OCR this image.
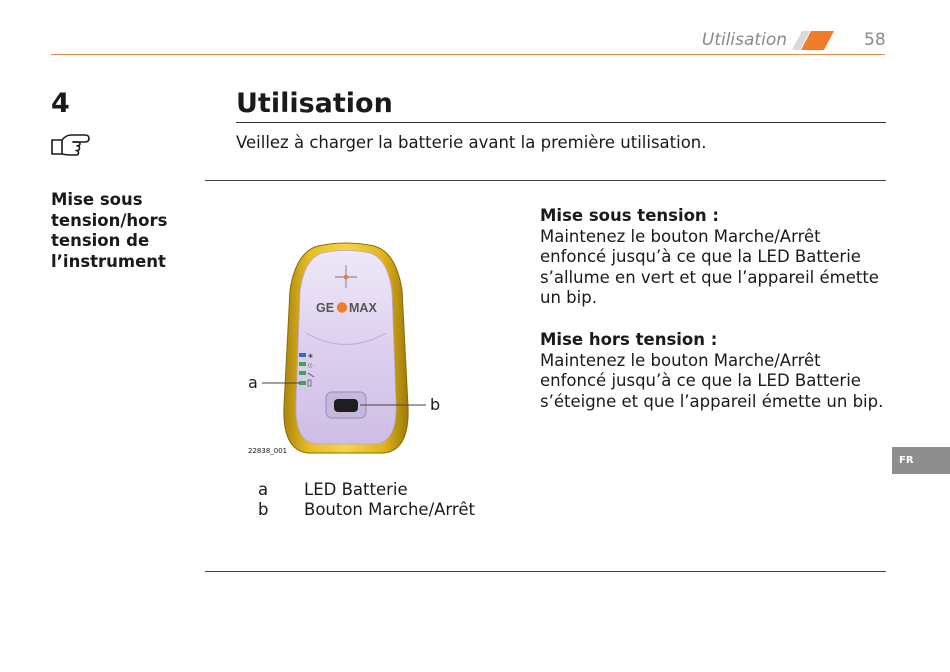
Utilisation	58
4	Utilisation
Veillez à charger la batterie avant la première utilisation.
Mise sous
tension/hors
tension de
l’instrument
Mise sous tension :
Maintenez le bouton Marche/Arrêt enfoncé jusqu’à ce que la LED Batterie s’allume en vert et que l’appareil émette un bip.
Mise hors tension :
Maintenez le bouton Marche/Arrêt enfoncé jusqu’à ce que la LED Batterie s’éteigne et que l’appareil émette un bip.
GE MAX
✱
((·
a
b
22838_001
a LED Batterie
b Bouton Marche/Arrêt
FR
